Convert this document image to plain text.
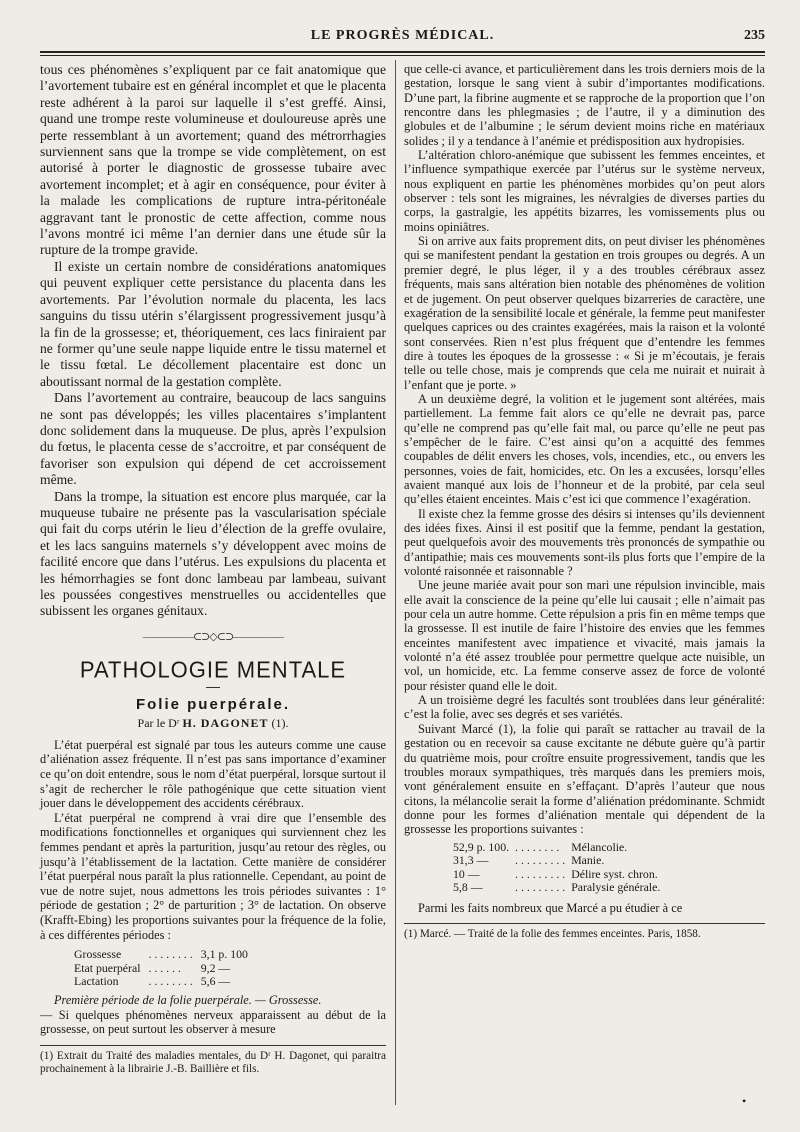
LE PROGRÈS MÉDICAL.	235

tous ces phénomènes s’expliquent par ce fait anatomique que l’avortement tubaire est en général incomplet et que le placenta reste adhérent à la paroi sur laquelle il s’est greffé. Ainsi, quand une trompe reste volumineuse et douloureuse après une perte ressemblant à un avortement; quand des métrorrhagies surviennent sans que la trompe se vide complètement, on est autorisé à porter le diagnostic de grossesse tubaire avec avortement incomplet; et à agir en conséquence, pour éviter à la malade les complications de rupture intra-péritonéale aggravant tant le pronostic de cette affection, comme nous l’avons montré ici même l’an dernier dans une étude sûr la rupture de la trompe gravide.

Il existe un certain nombre de considérations anatomiques qui peuvent expliquer cette persistance du placenta dans les avortements. Par l’évolution normale du placenta, les lacs sanguins du tissu utérin s’élargissent progressivement jusqu’à la fin de la grossesse; et, théoriquement, ces lacs finiraient par ne former qu’une seule nappe liquide entre le tissu maternel et le tissu fœtal. Le décollement placentaire est donc un aboutissant normal de la gestation complète.

Dans l’avortement au contraire, beaucoup de lacs sanguins ne sont pas développés; les villes placentaires s’implantent donc solidement dans la muqueuse. De plus, après l’expulsion du fœtus, le placenta cesse de s’accroitre, et par conséquent de favoriser son expulsion qui dépend de cet accroissement même.

Dans la trompe, la situation est encore plus marquée, car la muqueuse tubaire ne présente pas la vascularisation spéciale qui fait du corps utérin le lieu d’élection de la greffe ovulaire, et les lacs sanguins maternels s’y développent avec moins de facilité encore que dans l’utérus. Les expulsions du placenta et les hémorrhagies se font donc lambeau par lambeau, suivant les poussées congestives menstruelles ou accidentelles que subissent les organes génitaux.

—————⊂⊃◇⊂⊃—————
PATHOLOGIE MENTALE
Folie puerpérale.
Par le Dʳ H. DAGONET (1).

L’état puerpéral est signalé par tous les auteurs comme une cause d’aliénation assez fréquente. Il n’est pas sans importance d’examiner ce qu’on doit entendre, sous le nom d’état puerpéral, lorsque surtout il s’agit de rechercher le rôle pathogénique que cette situation vient jouer dans le développement des accidents cérébraux.

L’état puerpéral ne comprend à vrai dire que l’ensemble des modifications fonctionnelles et organiques qui surviennent chez les femmes pendant et après la parturition, jusqu’au retour des règles, ou jusqu’à l’établissement de la lactation. Cette manière de considérer l’état puerpéral nous paraît la plus rationnelle. Cependant, au point de vue de notre sujet, nous admettons les trois périodes suivantes : 1° période de gestation ; 2° de parturition ; 3° de lactation. On observe (Krafft-Ebing) les proportions suivantes pour la fréquence de la folie, à ces différentes périodes :

Grossesse	. . . . . . . .	3,1 p. 100
Etat puerpéral	. . . . . .	9,2 —
Lactation	. . . . . . . .	5,6 —

Première période de la folie puerpérale. — Grossesse.

— Si quelques phénomènes nerveux apparaissent au début de la grossesse, on peut surtout les observer à mesure

(1) Extrait du Traité des maladies mentales, du Dʳ H. Dagonet, qui paraitra prochainement à la librairie J.-B. Baillière et fils.

que celle-ci avance, et particulièrement dans les trois derniers mois de la gestation, lorsque le sang vient à subir d’importantes modifications. D’une part, la fibrine augmente et se rapproche de la proportion que l’on rencontre dans les phlegmasies ; de l’autre, il y a diminution des globules et de l’albumine ; le sérum devient moins riche en matériaux solides ; il y a tendance à l’anémie et prédisposition aux hydropisies.

L’altération chloro-anémique que subissent les femmes enceintes, et l’influence sympathique exercée par l’utérus sur le système nerveux, nous expliquent en partie les phénomènes morbides qu’on peut alors observer : tels sont les migraines, les névralgies de diverses parties du corps, la gastralgie, les appétits bizarres, les vomissements plus ou moins opiniâtres.

Si on arrive aux faits proprement dits, on peut diviser les phénomènes qui se manifestent pendant la gestation en trois groupes ou degrés. A un premier degré, le plus léger, il y a des troubles cérébraux assez fréquents, mais sans altération bien notable des phénomènes de volition et de jugement. On peut observer quelques bizarreries de caractère, une exagération de la sensibilité locale et générale, la femme peut manifester quelques caprices ou des craintes exagérées, mais la raison et la volonté sont conservées. Rien n’est plus fréquent que d’entendre les femmes dire à toutes les époques de la grossesse : « Si je m’écoutais, je ferais telle ou telle chose, mais je comprends que cela me nuirait et nuirait à l’enfant que je porte. »

A un deuxième degré, la volition et le jugement sont altérées, mais partiellement. La femme fait alors ce qu’elle ne devrait pas, parce qu’elle ne comprend pas qu’elle fait mal, ou parce qu’elle ne peut pas s’empêcher de le faire. C’est ainsi qu’on a acquitté des femmes coupables de délit envers les choses, vols, incendies, etc., ou envers les personnes, voies de fait, homicides, etc. On les a excusées, lorsqu’elles avaient manqué aux lois de l’honneur et de la probité, par cela seul qu’elles étaient enceintes. Mais c’est ici que commence l’exagération.

Il existe chez la femme grosse des désirs si intenses qu’ils deviennent des idées fixes. Ainsi il est positif que la femme, pendant la gestation, peut quelquefois avoir des mouvements très prononcés de sympathie ou d’antipathie; mais ces mouvements sont-ils plus forts que l’empire de la volonté raisonnée et raisonnable ?

Une jeune mariée avait pour son mari une répulsion invincible, mais elle avait la conscience de la peine qu’elle lui causait ; elle n’aimait pas pour cela un autre homme. Cette répulsion a pris fin en même temps que la grossesse. Il est inutile de faire l’histoire des envies que les femmes enceintes manifestent avec impatience et vivacité, mais jamais la volonté n’a été assez troublée pour permettre quelque acte nuisible, un vol, un homicide, etc. La femme conserve assez de force de volonté pour résister quand elle le doit.

A un troisième degré les facultés sont troublées dans leur généralité: c’est la folie, avec ses degrés et ses variétés.

Suivant Marcé (1), la folie qui paraît se rattacher au travail de la gestation ou en recevoir sa cause excitante ne débute guère qu’à partir du quatrième mois, pour croître ensuite progressivement, tandis que les troubles moraux sympathiques, très marqués dans les premiers mois, vont généralement ensuite en s’effaçant. D’après l’auteur que nous citons, la mélancolie serait la forme d’aliénation prédominante. Schmidt donne pour les formes d’aliénation mentale qui dépendent de la grossesse les proportions suivantes :

52,9 p. 100.	. . . . . . . .	Mélancolie.
31,3 —	. . . . . . . . .	Manie.
10 —	. . . . . . . . .	Délire syst. chron.
5,8 —	. . . . . . . . .	Paralysie générale.

Parmi les faits nombreux que Marcé a pu étudier à ce

(1) Marcé. — Traité de la folie des femmes enceintes. Paris, 1858.
•
